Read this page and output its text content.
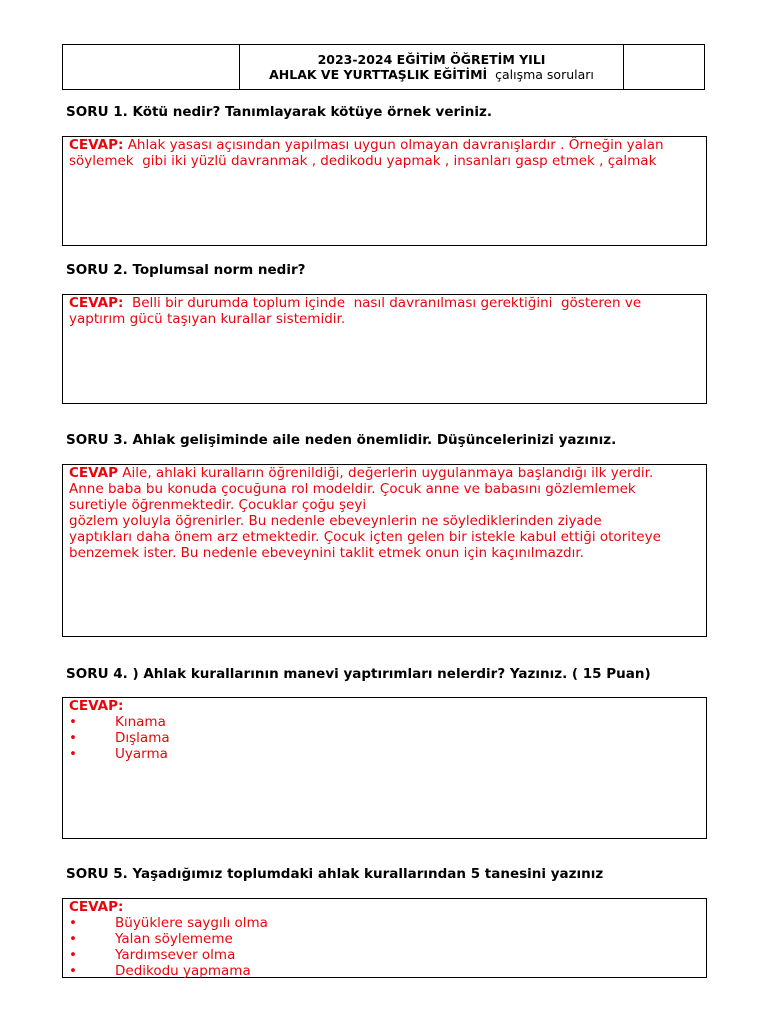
2023-2024 EĞİTİM ÖĞRETİM YILI
AHLAK VE YURTTAŞLIK EĞİTİMİ  çalışma soruları
SORU 1. Kötü nedir? Tanımlayarak kötüye örnek veriniz.

CEVAP: Ahlak yasası açısından yapılması uygun olmayan davranışlardır . Örneğin yalan

söylemek  gibi iki yüzlü davranmak , dedikodu yapmak , insanları gasp etmek , çalmak

SORU 2. Toplumsal norm nedir?

CEVAP:  Belli bir durumda toplum içinde  nasıl davranılması gerektiğini  gösteren ve

yaptırım gücü taşıyan kurallar sistemidir.

SORU 3. Ahlak gelişiminde aile neden önemlidir. Düşüncelerinizi yazınız.

CEVAP Aile, ahlaki kuralların öğrenildiği, değerlerin uygulanmaya başlandığı ilk yerdir.

Anne baba bu konuda çocuğuna rol modeldir. Çocuk anne ve babasını gözlemlemek

suretiyle öğrenmektedir. Çocuklar çoğu şeyi

gözlem yoluyla öğrenirler. Bu nedenle ebeveynlerin ne söylediklerinden ziyade

yaptıkları daha önem arz etmektedir. Çocuk içten gelen bir istekle kabul ettiği otoriteye

benzemek ister. Bu nedenle ebeveynini taklit etmek onun için kaçınılmazdır.

SORU 4. ) Ahlak kurallarının manevi yaptırımları nelerdir? Yazınız. ( 15 Puan)

CEVAP:

•	Kınama
•	Dışlama
•	Uyarma
SORU 5. Yaşadığımız toplumdaki ahlak kurallarından 5 tanesini yazınız

CEVAP:

•	Büyüklere saygılı olma
•	Yalan söylememe
•	Yardımsever olma
•	Dedikodu yapmama
